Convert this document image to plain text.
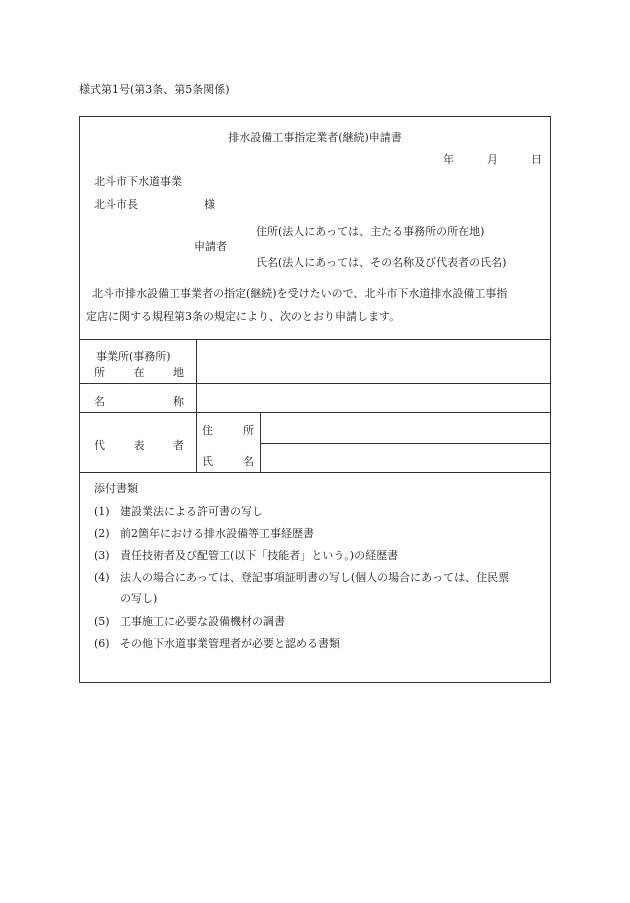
様式第1号(第3条、第5条関係)
排水設備工事指定業者(継続)申請書
年	月	日
北斗市下水道事業
北斗市長	様
申請者
住所(法人にあっては、主たる事務所の所在地)
氏名(法人にあっては、その名称及び代表者の氏名)
北斗市排水設備工事業者の指定(継続)を受けたいので、北斗市下水道排水設備工事指
定店に関する規程第3条の規定により、次のとおり申請します。
事業所(事務所)
所	在	地
名	称
代	表	者
住	所
氏	名
添付書類
(1) 建設業法による許可書の写し
(2) 前2箇年における排水設備等工事経歴書
(3) 責任技術者及び配管工(以下「技能者」という。)の経歴書
(4) 法人の場合にあっては、登記事項証明書の写し(個人の場合にあっては、住民票
の写し)
(5) 工事施工に必要な設備機材の調書
(6) その他下水道事業管理者が必要と認める書類
